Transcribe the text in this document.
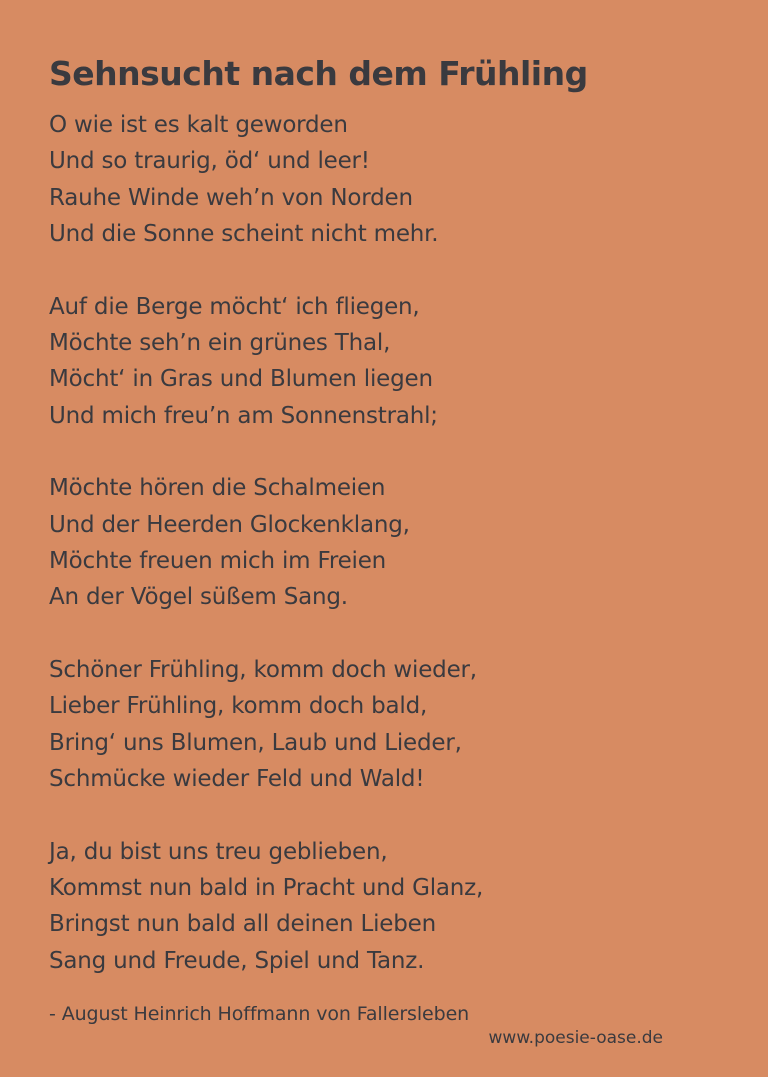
Sehnsucht nach dem Frühling
O wie ist es kalt geworden
Und so traurig, öd‘ und leer!
Rauhe Winde weh’n von Norden
Und die Sonne scheint nicht mehr.
Auf die Berge möcht‘ ich fliegen,
Möchte seh’n ein grünes Thal,
Möcht‘ in Gras und Blumen liegen
Und mich freu’n am Sonnenstrahl;
Möchte hören die Schalmeien
Und der Heerden Glockenklang,
Möchte freuen mich im Freien
An der Vögel süßem Sang.
Schöner Frühling, komm doch wieder,
Lieber Frühling, komm doch bald,
Bring‘ uns Blumen, Laub und Lieder,
Schmücke wieder Feld und Wald!
Ja, du bist uns treu geblieben,
Kommst nun bald in Pracht und Glanz,
Bringst nun bald all deinen Lieben
Sang und Freude, Spiel und Tanz.
- August Heinrich Hoffmann von Fallersleben
www.poesie-oase.de
